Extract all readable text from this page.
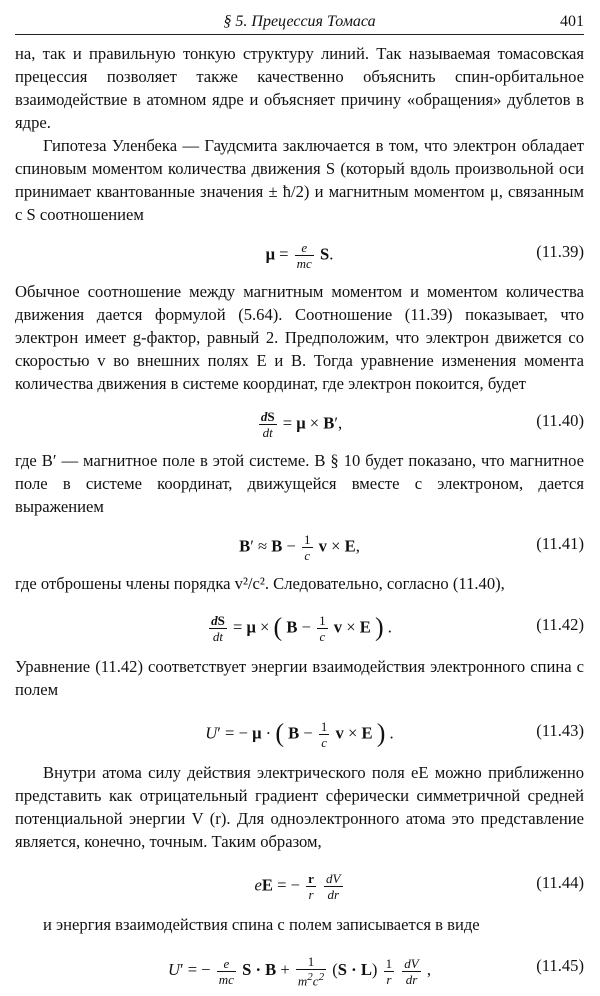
§ 5. Прецессия Томаса	401

на, так и правильную тонкую структуру линий. Так называемая томасовская прецессия позволяет также качественно объяснить спин-орбитальное взаимодействие в атомном ядре и объясняет причину «обращения» дублетов в ядре.

Гипотеза Уленбека — Гаудсмита заключается в том, что электрон обладает спиновым моментом количества движения S (который вдоль произвольной оси принимает квантованные значения ± ħ/2) и магнитным моментом μ, связанным с S соотношением

$\mu = \frac{e}{mc} S$.	(11.39)

Обычное соотношение между магнитным моментом и моментом количества движения дается формулой (5.64). Соотношение (11.39) показывает, что электрон имеет g-фактор, равный 2. Предположим, что электрон движется со скоростью v во внешних полях E и B. Тогда уравнение изменения момента количества движения в системе координат, где электрон покоится, будет

$\frac{dS}{dt} = \mu \times B'$,	(11.40)

где B′ — магнитное поле в этой системе. В § 10 будет показано, что магнитное поле в системе координат, движущейся вместе с электроном, дается выражением

$B' \approx B - \frac{1}{c}$ v × E,	(11.41)

где отброшены члены порядка v²/c². Следовательно, согласно (11.40),

$\frac{dS}{dt} = \mu$ × ( $B - \frac{1}{c}$ v × E ) .	(11.42)

Уравнение (11.42) соответствует энергии взаимодействия электронного спина с полем

U′ = − μ · ( $B - \frac{1}{c}$ v × E ) .	(11.43)

Внутри атома силу действия электрического поля eE можно приближенно представить как отрицательный градиент сферически симметричной средней потенциальной энергии V (r). Для одноэлектронного атома это представление является, конечно, точным. Таким образом,

eE = − $\frac{r}{r}$
$\frac{dV}{dr}$	(11.44)

и энергия взаимодействия спина с полем записывается в виде

U′ = − $\frac{e}{mc}$ $S \cdot B + \frac{1}{m^2c^2} (S \cdot L) \frac{1}{r}$
$\frac{dV}{dr}$ ,	(11.45)
